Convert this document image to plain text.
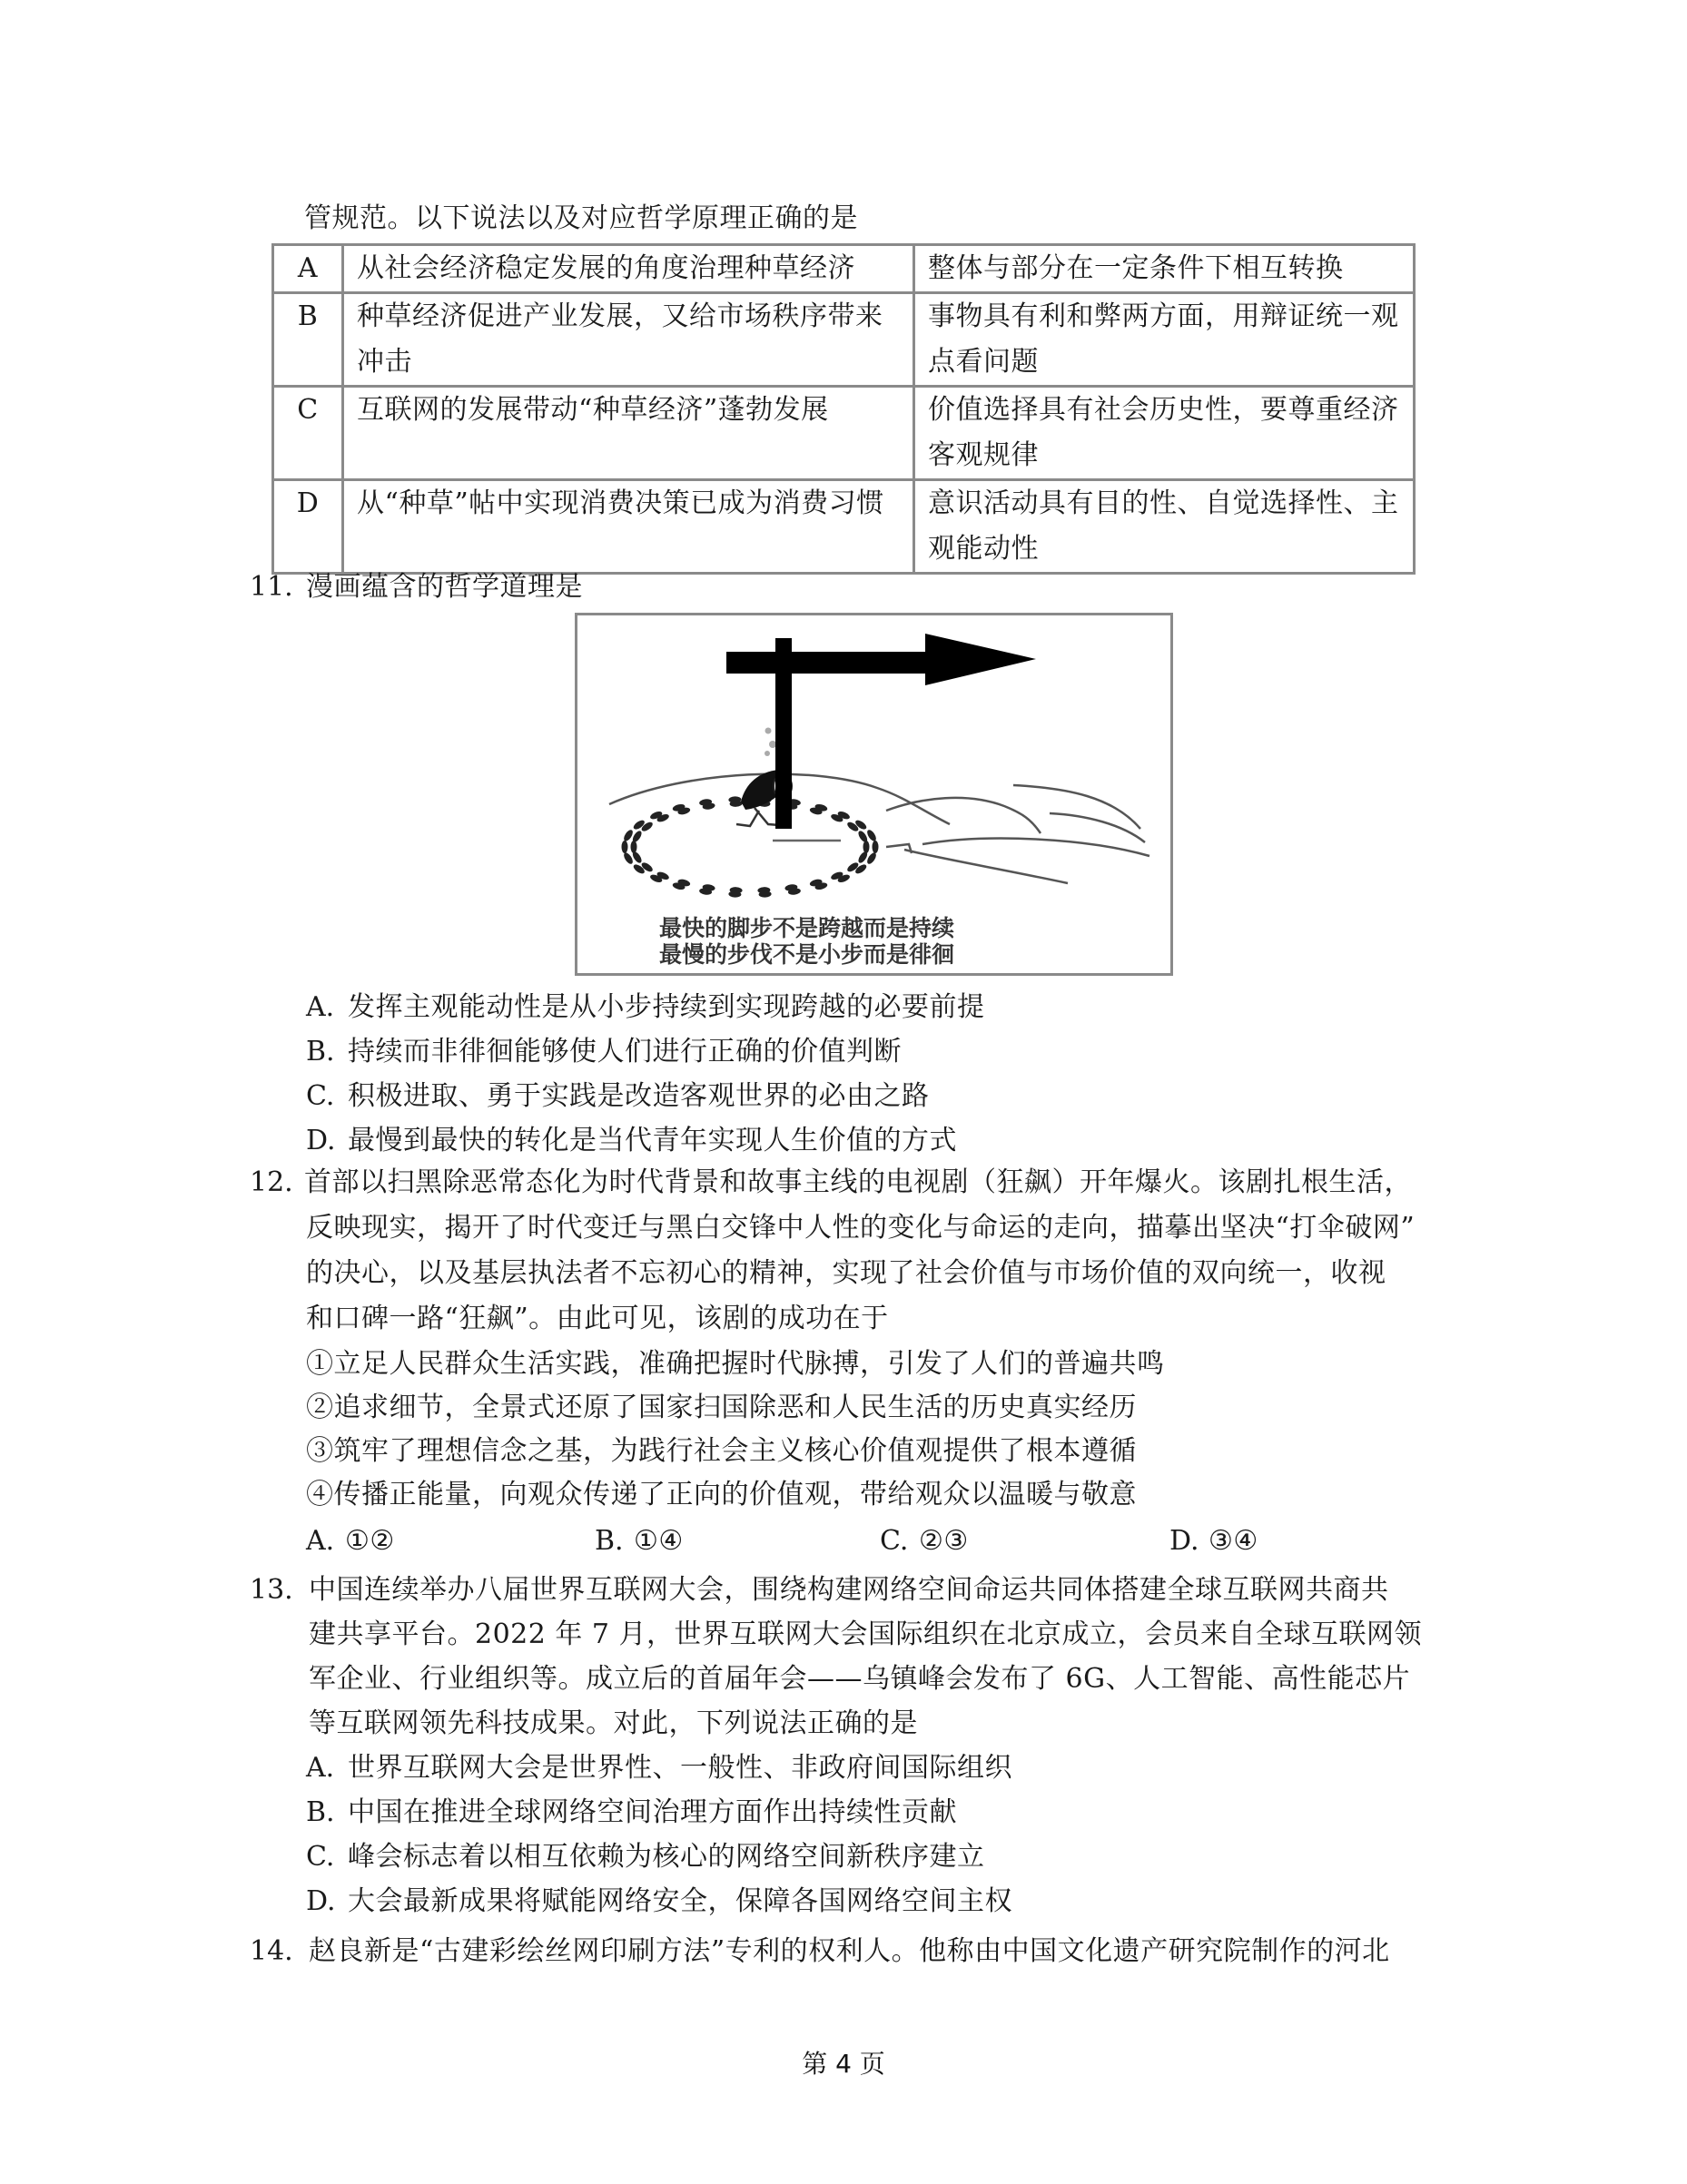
管规范。以下说法以及对应哲学原理正确的是
A	从社会经济稳定发展的角度治理种草经济	整体与部分在一定条件下相互转换
B	种草经济促进产业发展，又给市场秩序带来冲击	事物具有利和弊两方面，用辩证统一观点看问题
C	互联网的发展带动“种草经济”蓬勃发展	价值选择具有社会历史性，要尊重经济客观规律
D	从“种草”帖中实现消费决策已成为消费习惯	意识活动具有目的性、自觉选择性、主观能动性
11. 漫画蕴含的哲学道理是
最快的脚步不是跨越而是持续
最慢的步伐不是小步而是徘徊
A. 发挥主观能动性是从小步持续到实现跨越的必要前提
B. 持续而非徘徊能够使人们进行正确的价值判断
C. 积极进取、勇于实践是改造客观世界的必由之路
D. 最慢到最快的转化是当代青年实现人生价值的方式
12. 首部以扫黑除恶常态化为时代背景和故事主线的电视剧（狂飙）开年爆火。该剧扎根生活，
反映现实，揭开了时代变迁与黑白交锋中人性的变化与命运的走向，描摹出坚决“打伞破网”
的决心，以及基层执法者不忘初心的精神，实现了社会价值与市场价值的双向统一，收视
和口碑一路“狂飙”。由此可见，该剧的成功在于
①立足人民群众生活实践，准确把握时代脉搏，引发了人们的普遍共鸣
②追求细节，全景式还原了国家扫国除恶和人民生活的历史真实经历
③筑牢了理想信念之基，为践行社会主义核心价值观提供了根本遵循
④传播正能量，向观众传递了正向的价值观，带给观众以温暖与敬意
A. ①②	B. ①④	C. ②③	D. ③④
13. 中国连续举办八届世界互联网大会，围绕构建网络空间命运共同体搭建全球互联网共商共
建共享平台。2022 年 7 月，世界互联网大会国际组织在北京成立，会员来自全球互联网领
军企业、行业组织等。成立后的首届年会——乌镇峰会发布了 6G、人工智能、高性能芯片
等互联网领先科技成果。对此，下列说法正确的是
A. 世界互联网大会是世界性、一般性、非政府间国际组织
B. 中国在推进全球网络空间治理方面作出持续性贡献
C. 峰会标志着以相互依赖为核心的网络空间新秩序建立
D. 大会最新成果将赋能网络安全，保障各国网络空间主权
14. 赵良新是“古建彩绘丝网印刷方法”专利的权利人。他称由中国文化遗产研究院制作的河北
第 4 页
